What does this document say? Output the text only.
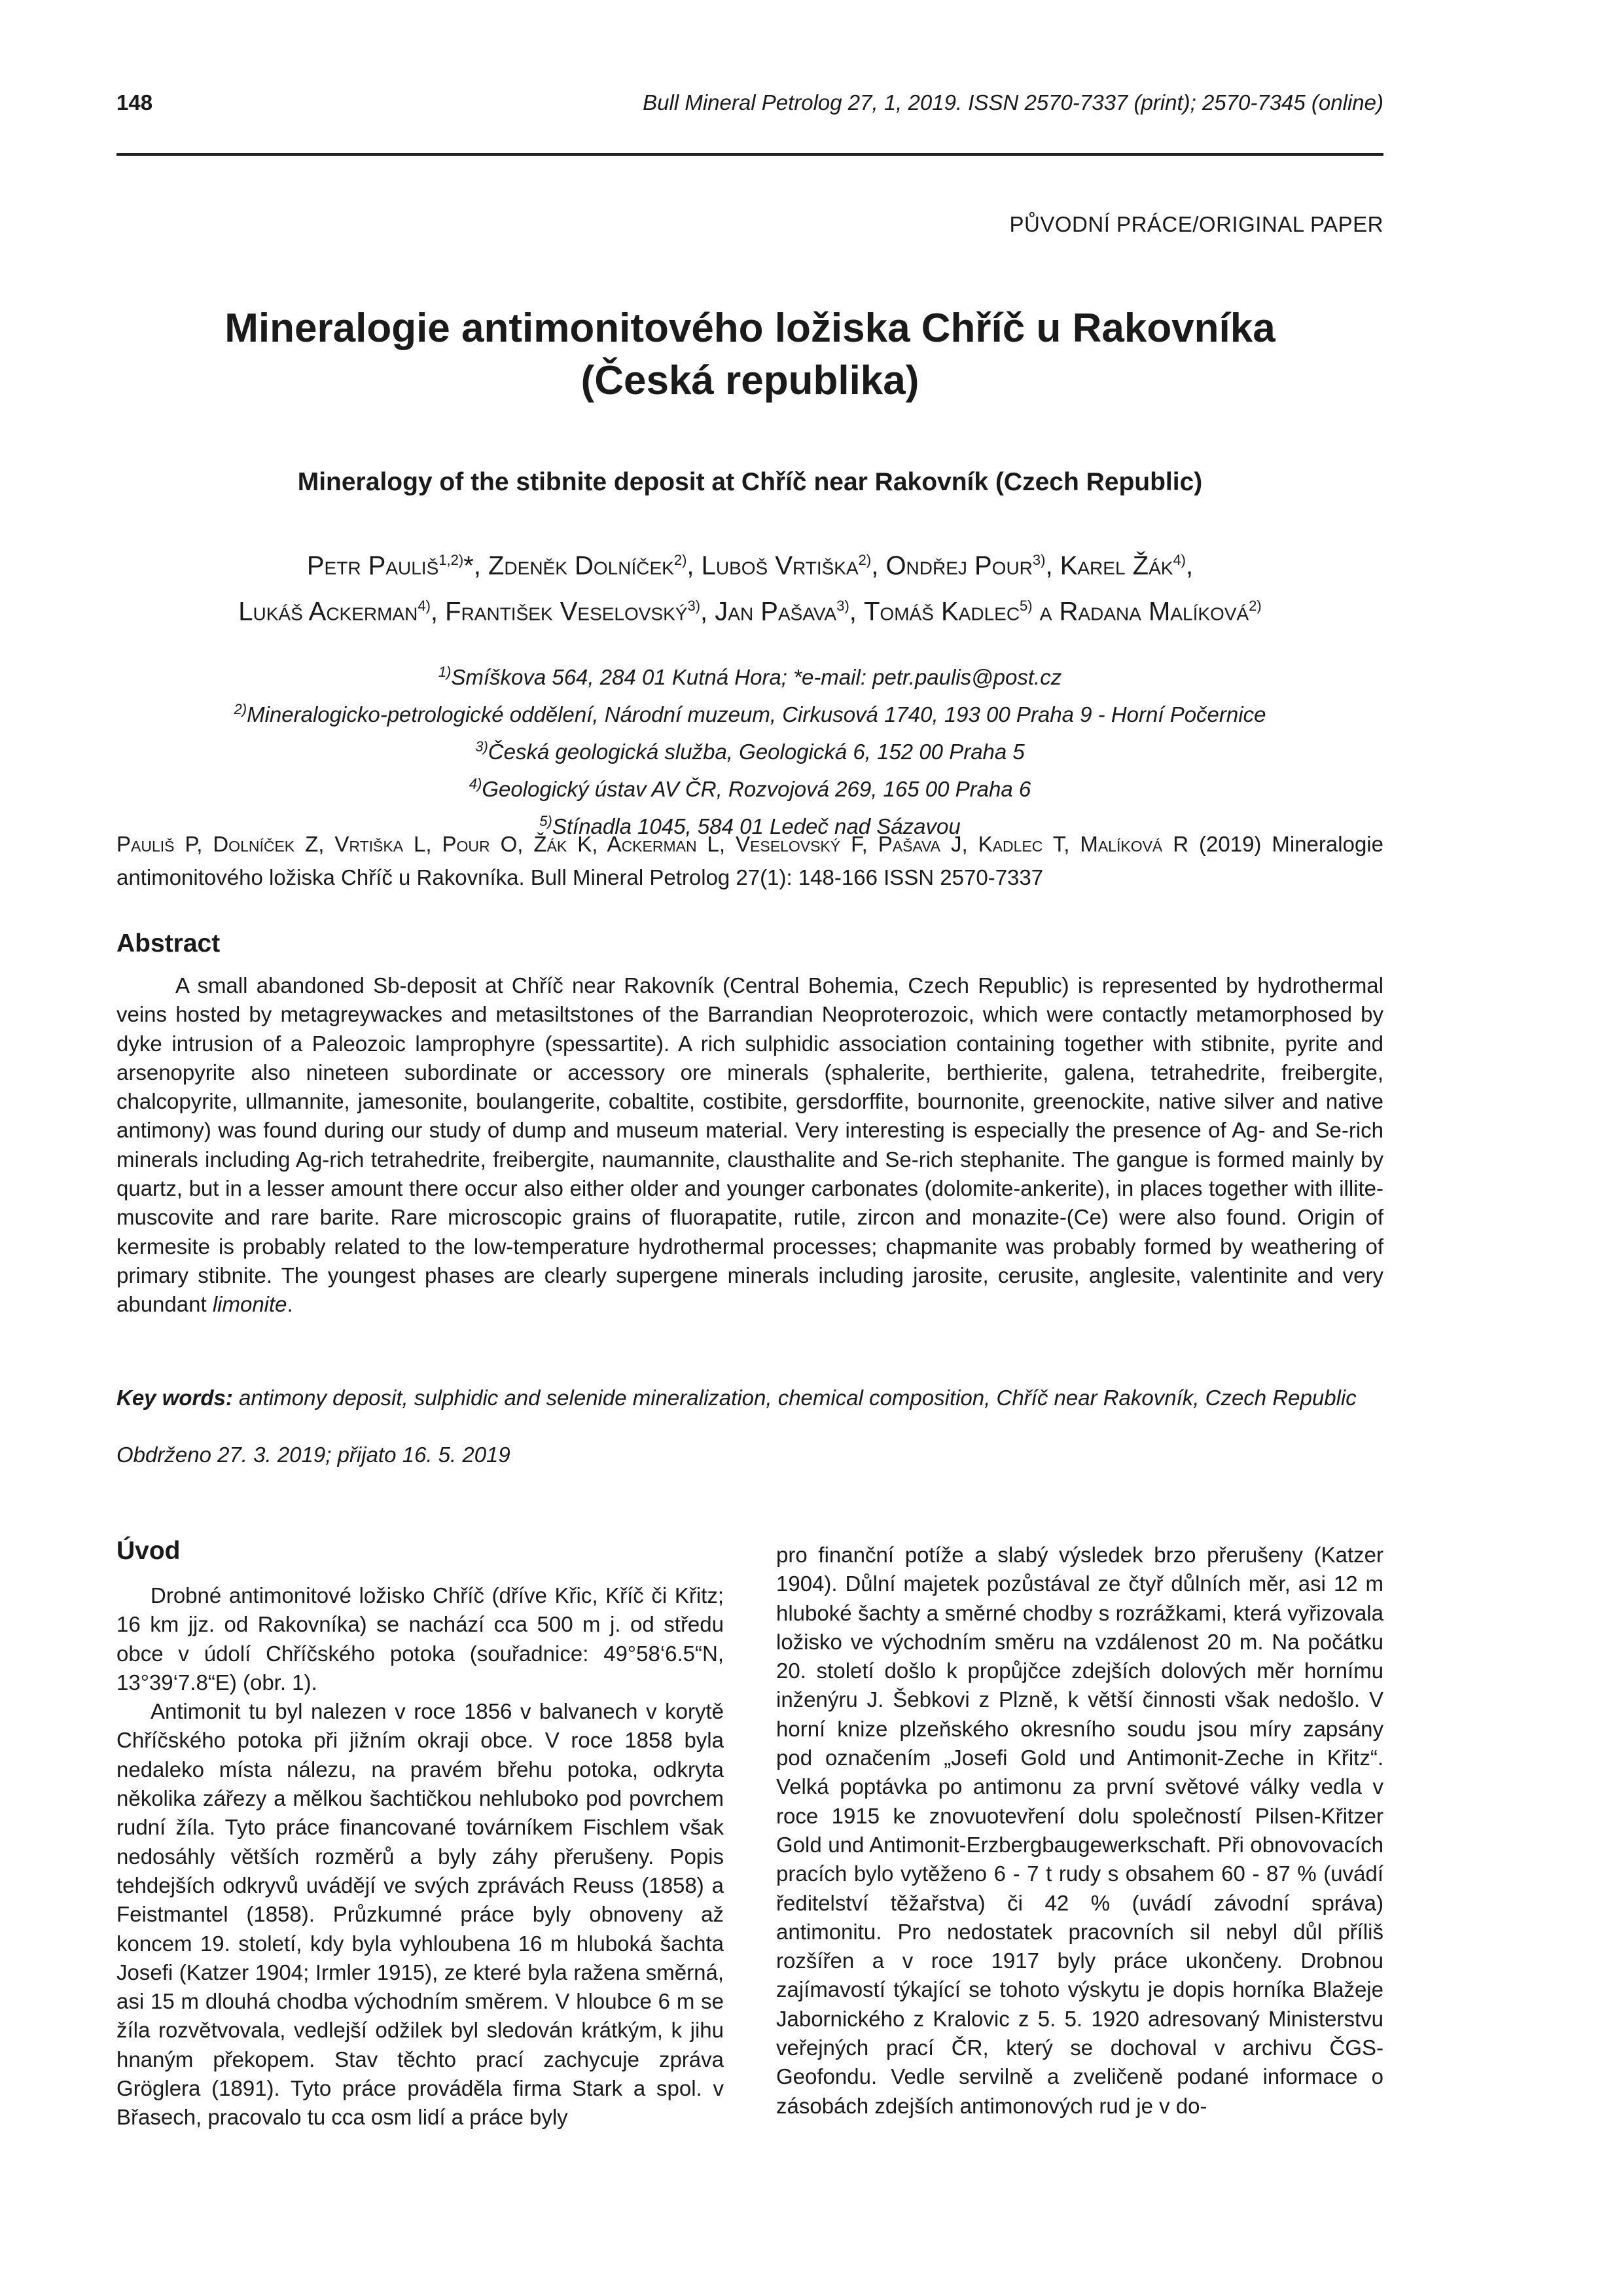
148	Bull Mineral Petrolog 27, 1, 2019. ISSN 2570-7337 (print); 2570-7345 (online)
PŮVODNÍ PRÁCE/ORIGINAL PAPER
Mineralogie antimonitového ložiska Chříč u Rakovníka
(Česká republika)
Mineralogy of the stibnite deposit at Chříč near Rakovník (Czech Republic)
Petr Pauliš$^{1,2)}$*, Zdeněk Dolníček$^{2)}$, Luboš Vrtiška$^{2)}$, Ondřej Pour$^{3)}$, Karel Žák$^{4)}$,
Lukáš Ackerman$^{4)}$, František Veselovský$^{3)}$, Jan Pašava$^{3)}$, Tomáš Kadlec$^{5)}$ a Radana Malíková$^{2)}$
$^{1)}$Smíškova 564, 284 01 Kutná Hora; *e-mail: petr.paulis@post.cz
$^{2)}$Mineralogicko-petrologické oddělení, Národní muzeum, Cirkusová 1740, 193 00 Praha 9 - Horní Počernice
$^{3)}$Česká geologická služba, Geologická 6, 152 00 Praha 5
$^{4)}$Geologický ústav AV ČR, Rozvojová 269, 165 00 Praha 6
$^{5)}$Stínadla 1045, 584 01 Ledeč nad Sázavou
Pauliš P, Dolníček Z, Vrtiška L, Pour O, Žák K, Ackerman L, Veselovský F, Pašava J, Kadlec T, Malíková R (2019) Mineralogie antimonitového ložiska Chříč u Rakovníka. Bull Mineral Petrolog 27(1): 148-166 ISSN 2570-7337
Abstract
A small abandoned Sb-deposit at Chříč near Rakovník (Central Bohemia, Czech Republic) is represented by hydrothermal veins hosted by metagreywackes and metasiltstones of the Barrandian Neoproterozoic, which were contactly metamorphosed by dyke intrusion of a Paleozoic lamprophyre (spessartite). A rich sulphidic association containing together with stibnite, pyrite and arsenopyrite also nineteen subordinate or accessory ore minerals (sphalerite, berthierite, galena, tetrahedrite, freibergite, chalcopyrite, ullmannite, jamesonite, boulangerite, cobaltite, costibite, gersdorffite, bournonite, greenockite, native silver and native antimony) was found during our study of dump and museum material. Very interesting is especially the presence of Ag- and Se-rich minerals including Ag-rich tetrahedrite, freibergite, naumannite, clausthalite and Se-rich stephanite. The gangue is formed mainly by quartz, but in a lesser amount there occur also either older and younger carbonates (dolomite-ankerite), in places together with illite-muscovite and rare barite. Rare microscopic grains of fluorapatite, rutile, zircon and monazite-(Ce) were also found. Origin of kermesite is probably related to the low-temperature hydrothermal processes; chapmanite was probably formed by weathering of primary stibnite. The youngest phases are clearly supergene minerals including jarosite, cerusite, anglesite, valentinite and very abundant limonite.
Key words: antimony deposit, sulphidic and selenide mineralization, chemical composition, Chříč near Rakovník, Czech Republic
Obdrženo 27. 3. 2019; přijato 16. 5. 2019
Úvod

Drobné antimonitové ložisko Chříč (dříve Křic, Kříč či Křitz; 16 km jjz. od Rakovníka) se nachází cca 500 m j. od středu obce v údolí Chříčského potoka (souřadnice: 49°58‘6.5“N, 13°39‘7.8“E) (obr. 1).

Antimonit tu byl nalezen v roce 1856 v balvanech v korytě Chříčského potoka při jižním okraji obce. V roce 1858 byla nedaleko místa nálezu, na pravém břehu potoka, odkryta několika zářezy a mělkou šachtičkou nehluboko pod povrchem rudní žíla. Tyto práce financované továrníkem Fischlem však nedosáhly větších rozměrů a byly záhy přerušeny. Popis tehdejších odkryvů uvádějí ve svých zprávách Reuss (1858) a Feistmantel (1858). Průzkumné práce byly obnoveny až koncem 19. století, kdy byla vyhloubena 16 m hluboká šachta Josefi (Katzer 1904; Irmler 1915), ze které byla ražena směrná, asi 15 m dlouhá chodba východním směrem. V hloubce 6 m se žíla rozvětvovala, vedlejší odžilek byl sledován krátkým, k jihu hnaným překopem. Stav těchto prací zachycuje zpráva Gröglera (1891). Tyto práce prováděla firma Stark a spol. v Břasech, pracovalo tu cca osm lidí a práce byly

pro finanční potíže a slabý výsledek brzo přerušeny (Katzer 1904). Důlní majetek pozůstával ze čtyř důlních měr, asi 12 m hluboké šachty a směrné chodby s rozrážkami, která vyřizovala ložisko ve východním směru na vzdálenost 20 m. Na počátku 20. století došlo k propůjčce zdejších dolových měr hornímu inženýru J. Šebkovi z Plzně, k větší činnosti však nedošlo. V horní knize plzeňského okresního soudu jsou míry zapsány pod označením „Josefi Gold und Antimonit-Zeche in Křitz“. Velká poptávka po antimonu za první světové války vedla v roce 1915 ke znovuotevření dolu společností Pilsen-Křitzer Gold und Antimonit-Erzbergbaugewerkschaft. Při obnovovacích pracích bylo vytěženo 6 - 7 t rudy s obsahem 60 - 87 % (uvádí ředitelství těžařstva) či 42 % (uvádí závodní správa) antimonitu. Pro nedostatek pracovních sil nebyl důl příliš rozšířen a v roce 1917 byly práce ukončeny. Drobnou zajímavostí týkající se tohoto výskytu je dopis horníka Blažeje Jabornického z Kralovic z 5. 5. 1920 adresovaný Ministerstvu veřejných prací ČR, který se dochoval v archivu ČGS-Geofondu. Vedle servilně a zveličeně podané informace o zásobách zdejších antimonových rud je v do-
